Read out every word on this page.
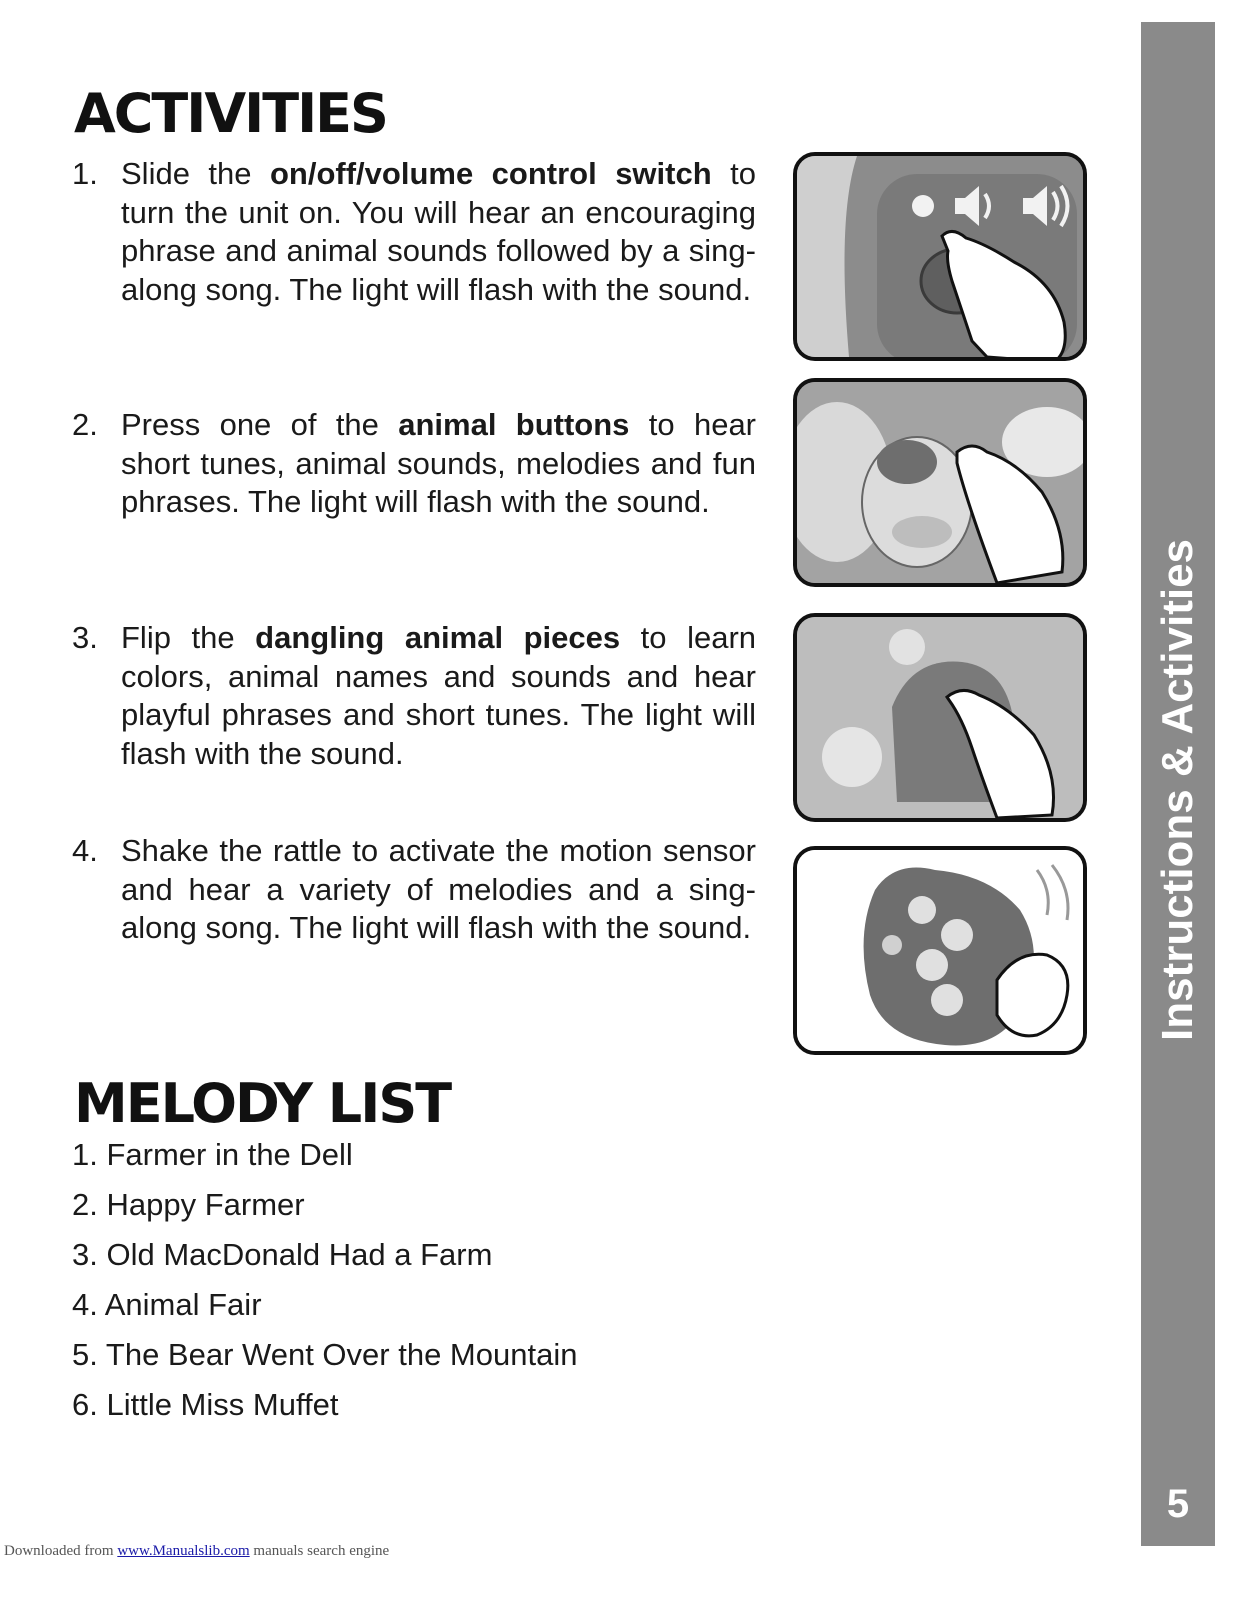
ACTIVITIES
1. Slide the on/off/volume control switch to turn the unit on. You will hear an encouraging phrase and animal sounds followed by a sing-along song. The light will flash with the sound.
2. Press one of the animal buttons to hear short tunes, animal sounds, melodies and fun phrases. The light will flash with the sound.
3. Flip the dangling animal pieces to learn colors, animal names and sounds and hear playful phrases and short tunes. The light will flash with the sound.
4. Shake the rattle to activate the motion sensor and hear a variety of melodies and a sing-along song. The light will flash with the sound.
MELODY LIST

1. Farmer in the Dell

2. Happy Farmer

3. Old MacDonald Had a Farm

4. Animal Fair

5. The Bear Went Over the Mountain

6. Little Miss Muffet

Instructions & Activities
5
Downloaded from www.Manualslib.com manuals search engine
